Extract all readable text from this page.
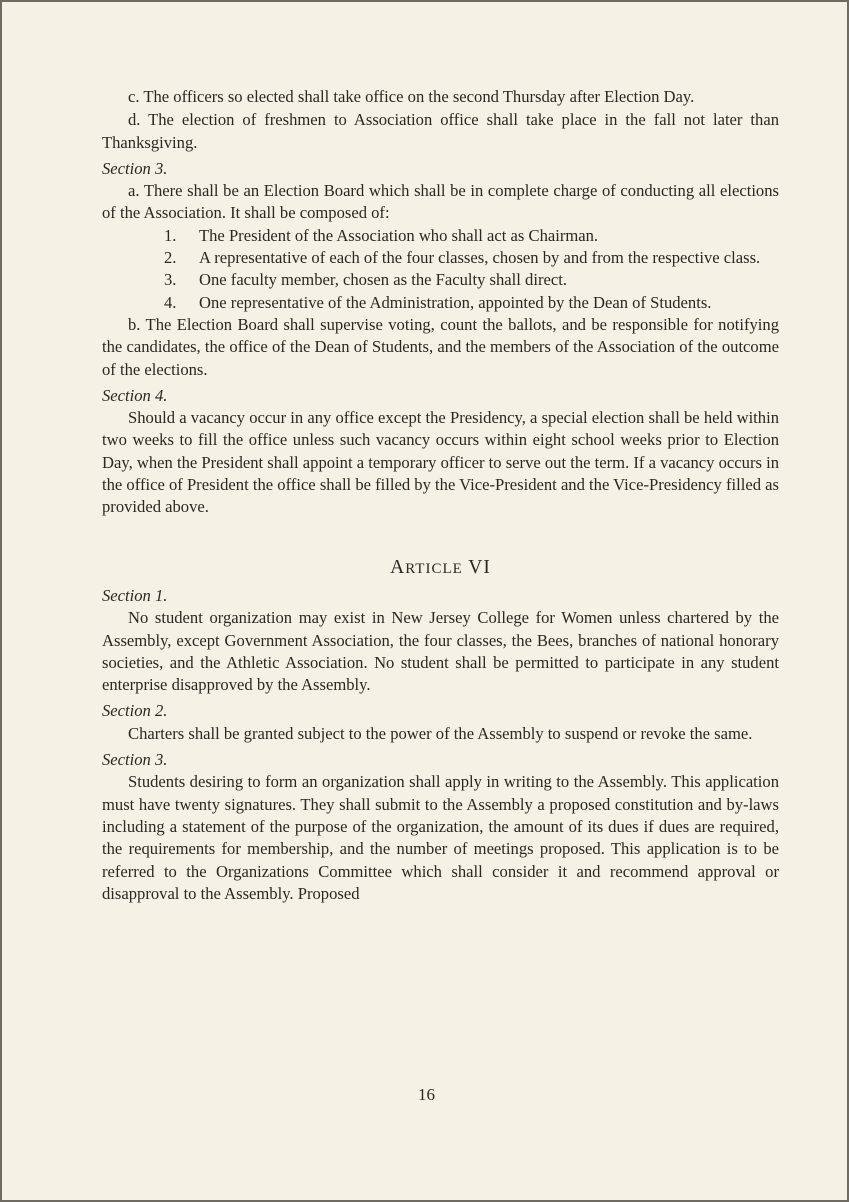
c. The officers so elected shall take office on the second Thursday after Election Day.

d. The election of freshmen to Association office shall take place in the fall not later than Thanksgiving.

Section 3.

a. There shall be an Election Board which shall be in complete charge of conducting all elections of the Association. It shall be composed of:

1. The President of the Association who shall act as Chairman.
2. A representative of each of the four classes, chosen by and from the respective class.
3. One faculty member, chosen as the Faculty shall direct.
4. One representative of the Administration, appointed by the Dean of Students.

b. The Election Board shall supervise voting, count the ballots, and be responsible for notifying the candidates, the office of the Dean of Students, and the members of the Association of the outcome of the elections.

Section 4.

Should a vacancy occur in any office except the Presidency, a special election shall be held within two weeks to fill the office unless such vacancy occurs within eight school weeks prior to Election Day, when the President shall appoint a temporary officer to serve out the term. If a vacancy occurs in the office of President the office shall be filled by the Vice-President and the Vice-Presidency filled as provided above.

ARTICLE VI

Section 1.

No student organization may exist in New Jersey College for Women unless chartered by the Assembly, except Government Association, the four classes, the Bees, branches of national honorary societies, and the Athletic Association. No student shall be permitted to participate in any student enterprise disapproved by the Assembly.

Section 2.

Charters shall be granted subject to the power of the Assembly to suspend or revoke the same.

Section 3.

Students desiring to form an organization shall apply in writing to the Assembly. This application must have twenty signatures. They shall submit to the Assembly a proposed constitution and by-laws including a statement of the purpose of the organization, the amount of its dues if dues are required, the requirements for membership, and the number of meetings proposed. This application is to be referred to the Organizations Committee which shall consider it and recommend approval or disapproval to the Assembly. Proposed

16
